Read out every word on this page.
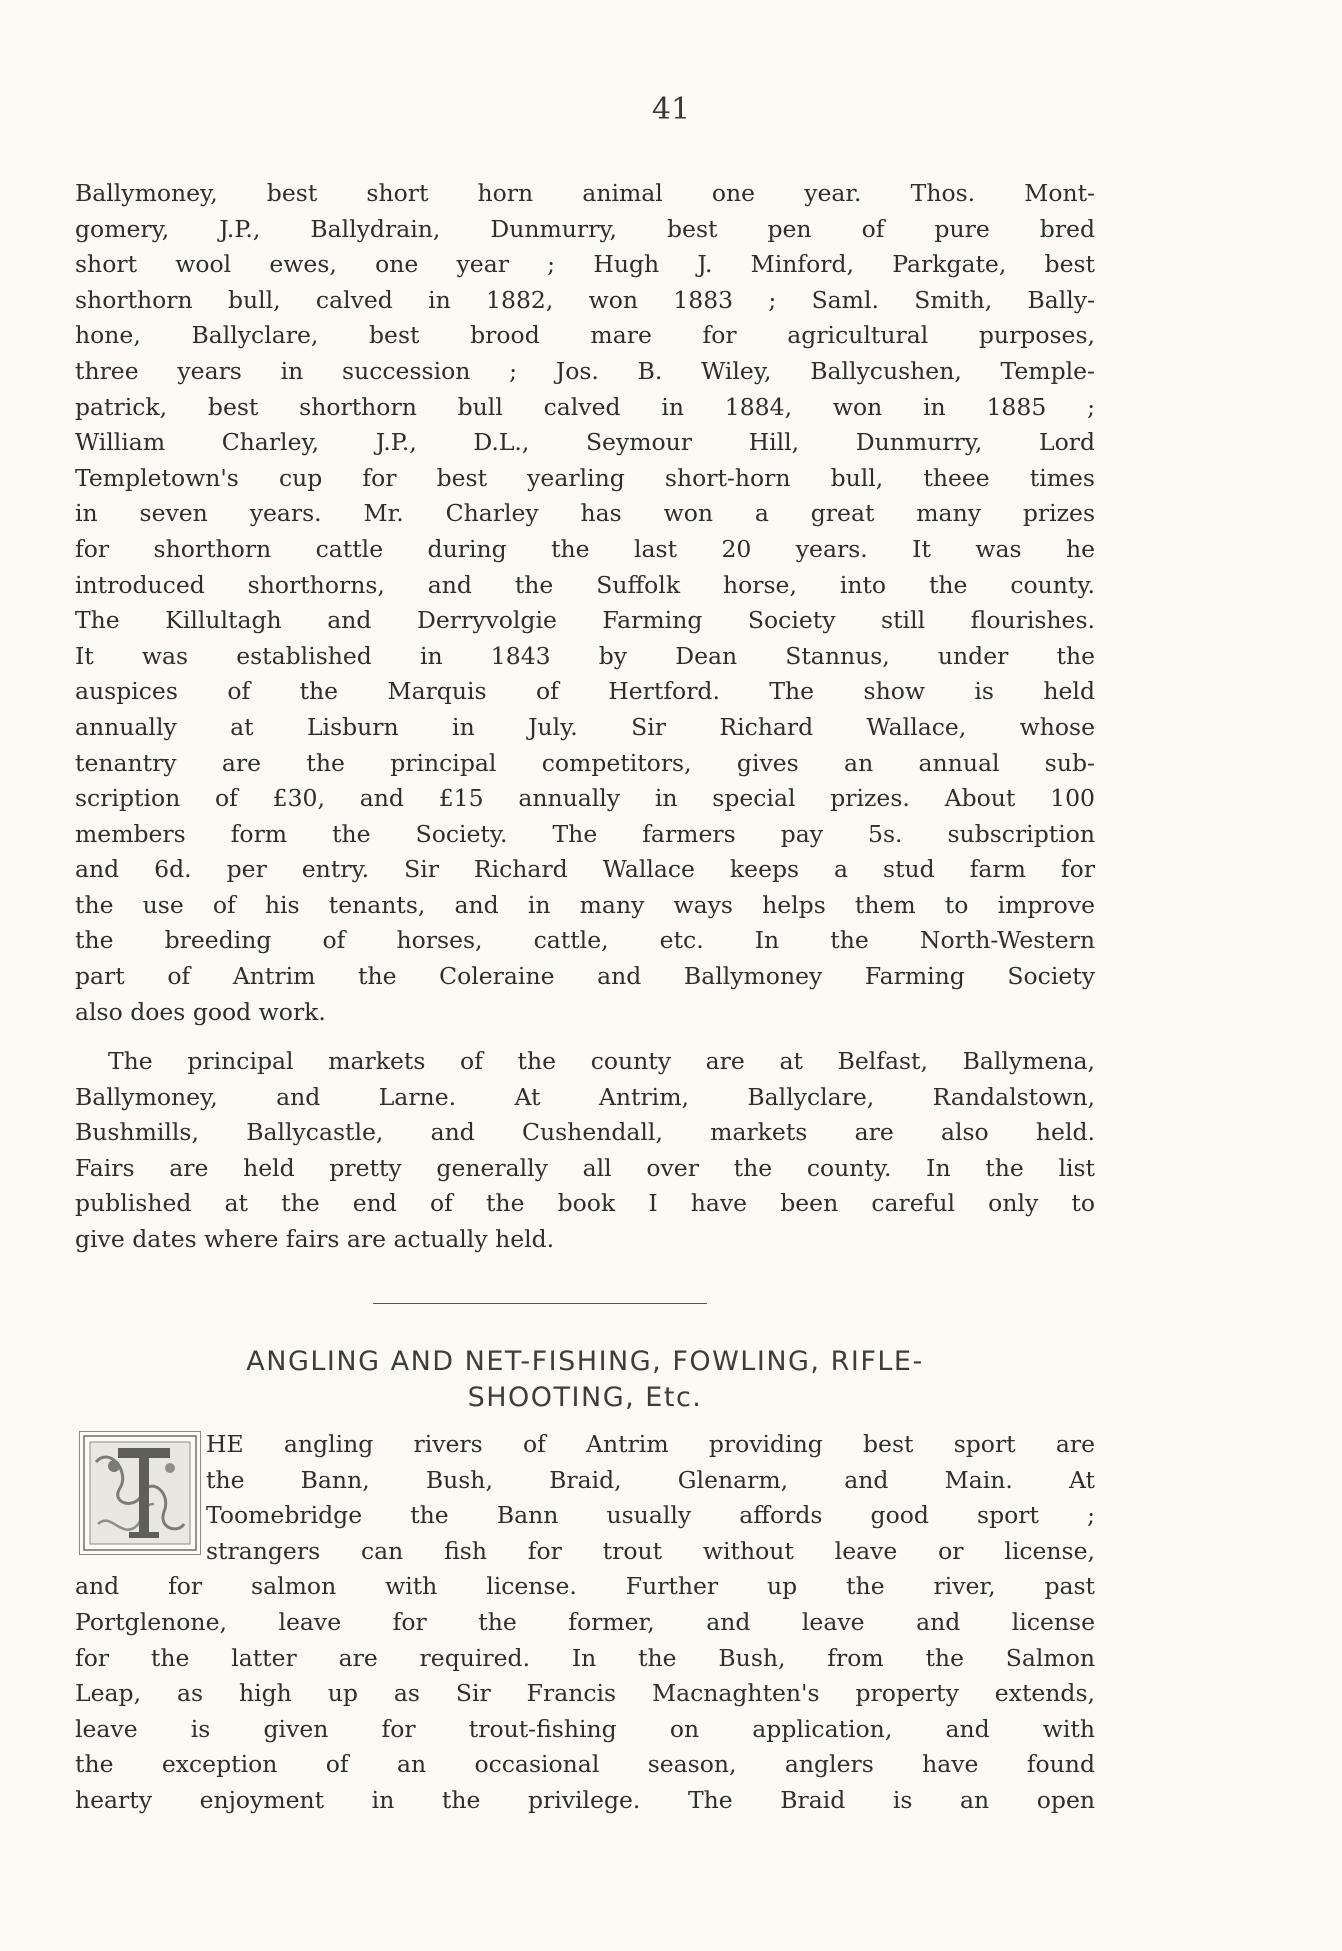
41
Ballymoney, best short horn animal one year. Thos. Mont-
gomery, J.P., Ballydrain, Dunmurry, best pen of pure bred
short wool ewes, one year ; Hugh J. Minford, Parkgate, best
shorthorn bull, calved in 1882, won 1883 ; Saml. Smith, Bally-
hone, Ballyclare, best brood mare for agricultural purposes,
three years in succession ; Jos. B. Wiley, Ballycushen, Temple-
patrick, best shorthorn bull calved in 1884, won in 1885 ;
William Charley, J.P., D.L., Seymour Hill, Dunmurry, Lord
Templetown's cup for best yearling short-horn bull, theee times
in seven years. Mr. Charley has won a great many prizes
for shorthorn cattle during the last 20 years. It was he
introduced shorthorns, and the Suffolk horse, into the county.
The Killultagh and Derryvolgie Farming Society still flourishes.
It was established in 1843 by Dean Stannus, under the
auspices of the Marquis of Hertford. The show is held
annually at Lisburn in July. Sir Richard Wallace, whose
tenantry are the principal competitors, gives an annual sub-
scription of £30, and £15 annually in special prizes. About 100
members form the Society. The farmers pay 5s. subscription
and 6d. per entry. Sir Richard Wallace keeps a stud farm for
the use of his tenants, and in many ways helps them to improve
the breeding of horses, cattle, etc. In the North-Western
part of Antrim the Coleraine and Ballymoney Farming Society
also does good work.
The principal markets of the county are at Belfast, Ballymena,
Ballymoney, and Larne. At Antrim, Ballyclare, Randalstown,
Bushmills, Ballycastle, and Cushendall, markets are also held.
Fairs are held pretty generally all over the county. In the list
published at the end of the book I have been careful only to
give dates where fairs are actually held.
ANGLING AND NET-FISHING, FOWLING, RIFLE-
SHOOTING, Etc.
HE angling rivers of Antrim providing best sport are
the Bann, Bush, Braid, Glenarm, and Main. At
Toomebridge the Bann usually affords good sport ;
strangers can fish for trout without leave or license,
and for salmon with license. Further up the river, past
Portglenone, leave for the former, and leave and license
for the latter are required. In the Bush, from the Salmon
Leap, as high up as Sir Francis Macnaghten's property extends,
leave is given for trout-fishing on application, and with
the exception of an occasional season, anglers have found
hearty enjoyment in the privilege. The Braid is an open
